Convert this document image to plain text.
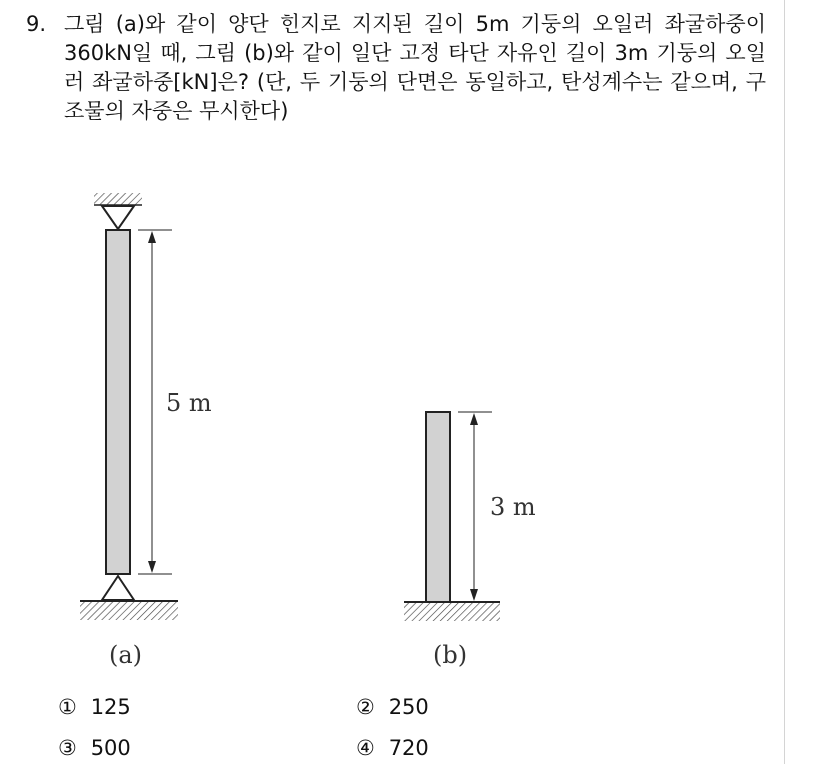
9. 그림 (a)와 같이 양단 힌지로 지지된 길이 5m 기둥의 오일러 좌굴하중이 360kN일 때, 그림 (b)와 같이 일단 고정 타단 자유인 길이 3m 기둥의 오일러 좌굴하중[kN]은? (단, 두 기둥의 단면은 동일하고, 탄성계수는 같으며, 구조물의 자중은 무시한다)
5 m
(a)
3 m
(b)
① 125	② 250
③ 500	④ 720
